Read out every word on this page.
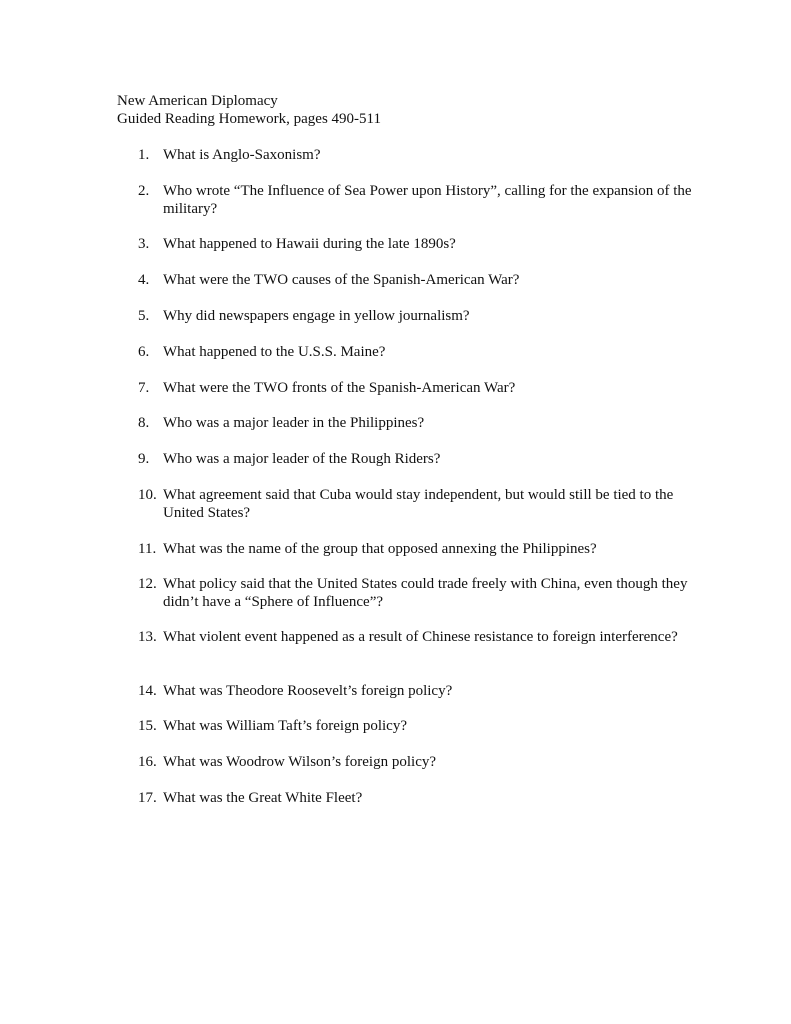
New American Diplomacy
Guided Reading Homework, pages 490-511
1. What is Anglo-Saxonism?
2. Who wrote “The Influence of Sea Power upon History”, calling for the expansion of the military?
3. What happened to Hawaii during the late 1890s?
4. What were the TWO causes of the Spanish-American War?
5. Why did newspapers engage in yellow journalism?
6. What happened to the U.S.S. Maine?
7. What were the TWO fronts of the Spanish-American War?
8. Who was a major leader in the Philippines?
9. Who was a major leader of the Rough Riders?
10. What agreement said that Cuba would stay independent, but would still be tied to the United States?
11. What was the name of the group that opposed annexing the Philippines?
12. What policy said that the United States could trade freely with China, even though they didn’t have a “Sphere of Influence”?
13. What violent event happened as a result of Chinese resistance to foreign interference?
14. What was Theodore Roosevelt’s foreign policy?
15. What was William Taft’s foreign policy?
16. What was Woodrow Wilson’s foreign policy?
17. What was the Great White Fleet?
